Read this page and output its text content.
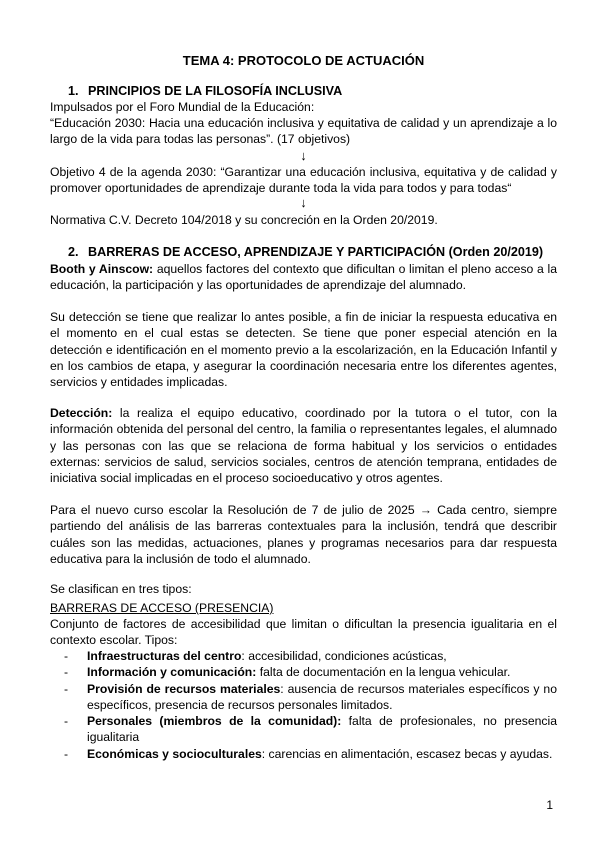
TEMA 4: PROTOCOLO DE ACTUACIÓN
1. PRINCIPIOS DE LA FILOSOFÍA INCLUSIVA
Impulsados por el Foro Mundial de la Educación:
“Educación 2030: Hacia una educación inclusiva y equitativa de calidad y un aprendizaje a lo largo de la vida para todas las personas”. (17 objetivos)
↓
Objetivo 4 de la agenda 2030: “Garantizar una educación inclusiva, equitativa y de calidad y promover oportunidades de aprendizaje durante toda la vida para todos y para todas“
↓
Normativa C.V. Decreto 104/2018 y su concreción en la Orden 20/2019.
2. BARRERAS DE ACCESO, APRENDIZAJE Y PARTICIPACIÓN (Orden 20/2019)
Booth y Ainscow: aquellos factores del contexto que dificultan o limitan el pleno acceso a la educación, la participación y las oportunidades de aprendizaje del alumnado.
Su detección se tiene que realizar lo antes posible, a fin de iniciar la respuesta educativa en el momento en el cual estas se detecten. Se tiene que poner especial atención en la detección e identificación en el momento previo a la escolarización, en la Educación Infantil y en los cambios de etapa, y asegurar la coordinación necesaria entre los diferentes agentes, servicios y entidades implicadas.
Detección: la realiza el equipo educativo, coordinado por la tutora o el tutor, con la información obtenida del personal del centro, la familia o representantes legales, el alumnado y las personas con las que se relaciona de forma habitual y los servicios o entidades externas: servicios de salud, servicios sociales, centros de atención temprana, entidades de iniciativa social implicadas en el proceso socioeducativo y otros agentes.
Para el nuevo curso escolar la Resolución de 7 de julio de 2025 → Cada centro, siempre partiendo del análisis de las barreras contextuales para la inclusión, tendrá que describir cuáles son las medidas, actuaciones, planes y programas necesarios para dar respuesta educativa para la inclusión de todo el alumnado.
Se clasifican en tres tipos:
BARRERAS DE ACCESO (PRESENCIA)
Conjunto de factores de accesibilidad que limitan o dificultan la presencia igualitaria en el contexto escolar. Tipos:
- Infraestructuras del centro: accesibilidad, condiciones acústicas,
- Información y comunicación: falta de documentación en la lengua vehicular.
- Provisión de recursos materiales: ausencia de recursos materiales específicos y no específicos, presencia de recursos personales limitados.
- Personales (miembros de la comunidad): falta de profesionales, no presencia igualitaria
- Económicas y socioculturales: carencias en alimentación, escasez becas y ayudas.
1
